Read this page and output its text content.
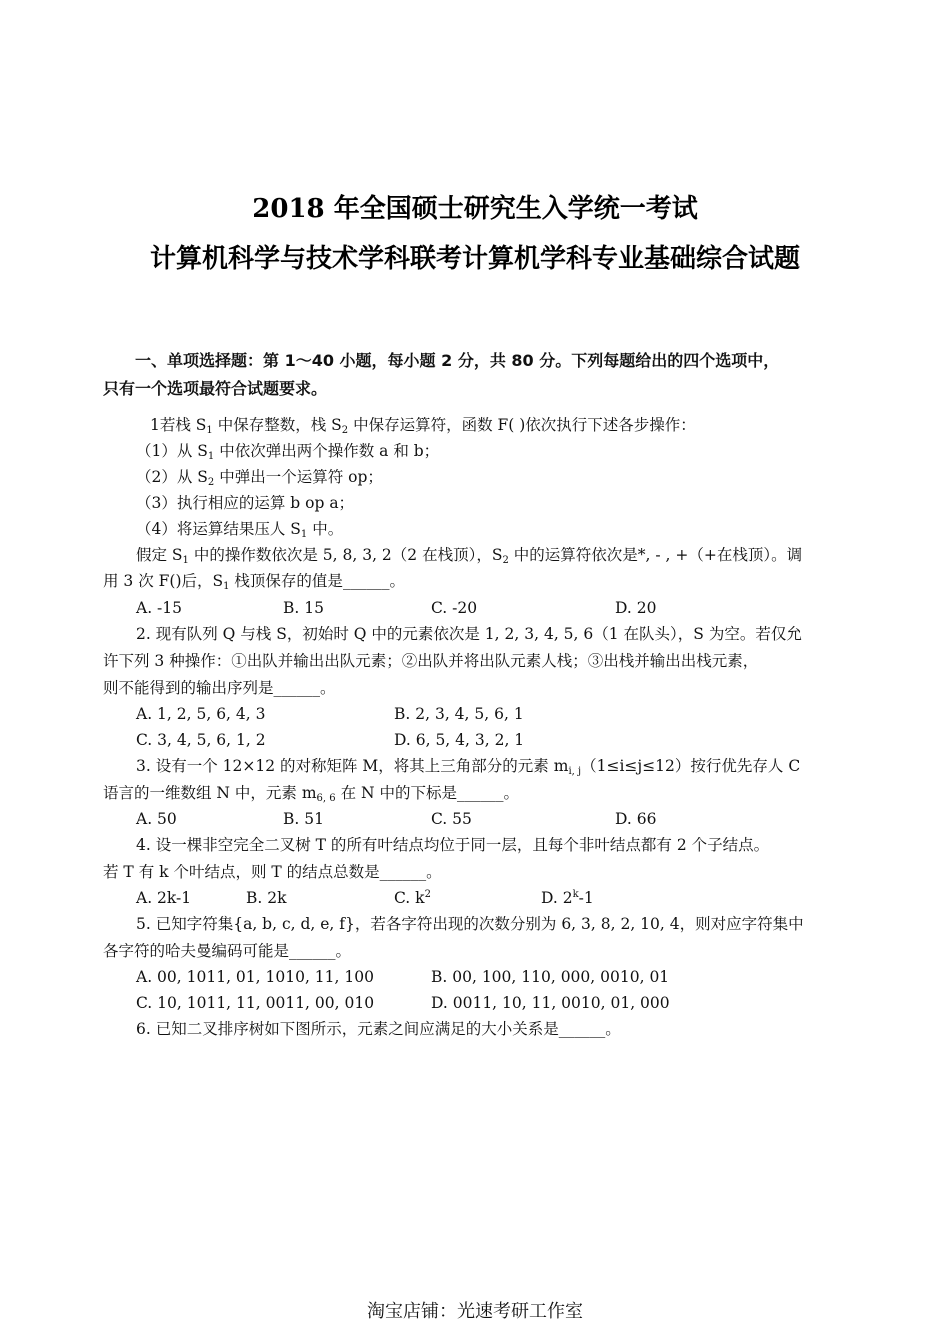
2018 年全国硕士研究生入学统一考试
计算机科学与技术学科联考计算机学科专业基础综合试题
一、单项选择题：第 1～40 小题，每小题 2 分，共 80 分。下列每题给出的四个选项中，
只有一个选项最符合试题要求。
1若栈 $S_1$ 中保存整数，栈 $S_2$ 中保存运算符，函数 F( )依次执行下述各步操作：
（1）从 $S_1$ 中依次弹出两个操作数 a 和 b；
（2）从 $S_2$ 中弹出一个运算符 op；
（3）执行相应的运算 b op a；
（4）将运算结果压人 $S_1$ 中。
假定 $S_1$ 中的操作数依次是 5, 8, 3, 2（2 在栈顶），$S_2$ 中的运算符依次是*, - , +（+在栈顶）。调
用 3 次 F()后，$S_1$ 栈顶保存的值是______。
A. -15	B. 15	C. -20	D. 20
2. 现有队列 Q 与栈 S，初始时 Q 中的元素依次是 1, 2, 3, 4, 5, 6（1 在队头），S 为空。若仅允
许下列 3 种操作：①出队并输出出队元素；②出队并将出队元素人栈；③出栈并输出出栈元素，
则不能得到的输出序列是______。
A. 1, 2, 5, 6, 4, 3	B. 2, 3, 4, 5, 6, 1
C. 3, 4, 5, 6, 1, 2	D. 6, 5, 4, 3, 2, 1
3. 设有一个 12×12 的对称矩阵 M，将其上三角部分的元素 $m_{i, j}(1\le i\le j\le 12)$按行优先存人 C
语言的一维数组 N 中，元素 $m_{6, 6}$ 在 N 中的下标是______。
A. 50	B. 51	C. 55	D. 66
4. 设一棵非空完全二叉树 T 的所有叶结点均位于同一层，且每个非叶结点都有 2 个子结点。
若 T 有 k 个叶结点，则 T 的结点总数是______。
A. 2k-1	B. 2k	C. $k^2$	D. 2$^k$-1
5. 已知字符集{a, b, c, d, e, f}，若各字符出现的次数分别为 6, 3, 8, 2, 10, 4，则对应字符集中
各字符的哈夫曼编码可能是______。
A. 00, 1011, 01, 1010, 11, 100	B. 00, 100, 110, 000, 0010, 01
C. 10, 1011, 11, 0011, 00, 010	D. 0011, 10, 11, 0010, 01, 000
6. 已知二叉排序树如下图所示，元素之间应满足的大小关系是______。
淘宝店铺：光速考研工作室
